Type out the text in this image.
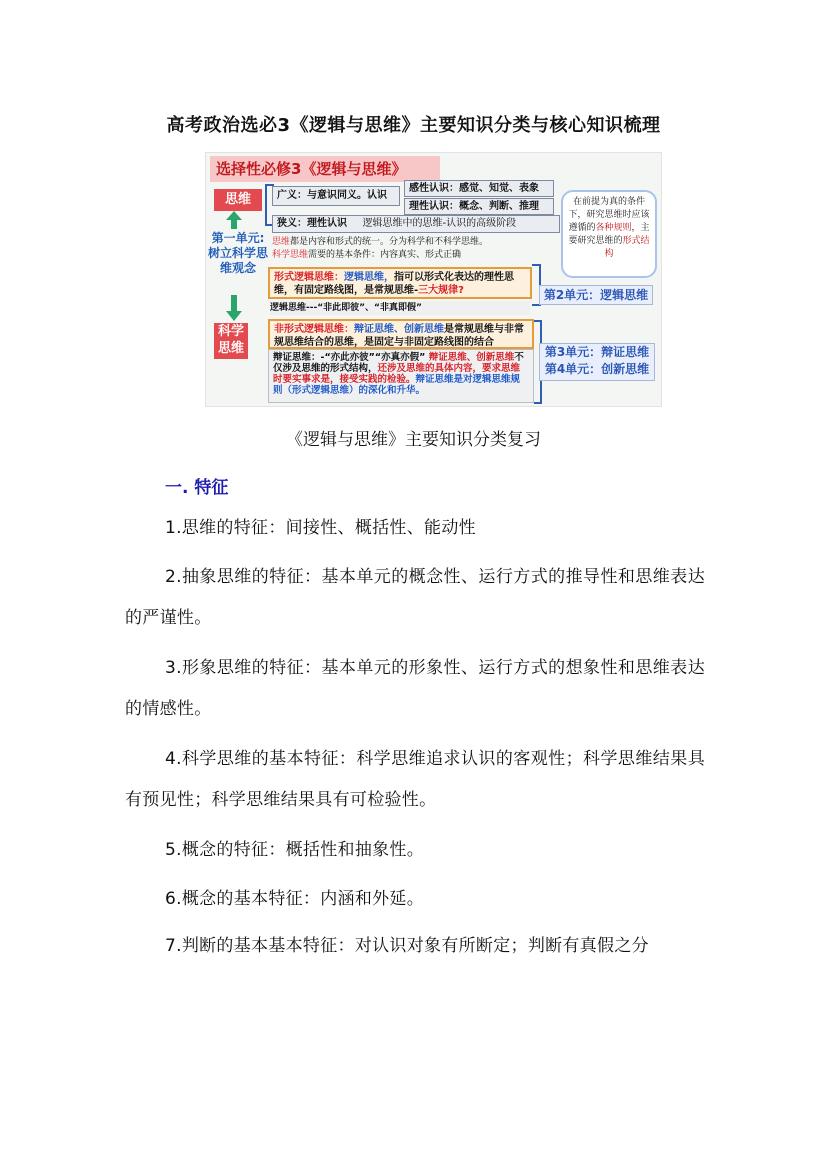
高考政治选必3《逻辑与思维》主要知识分类与核心知识梳理
选择性必修3《逻辑与思维》
思维
第一单元:树立科学思维观念
科学思维
广义：与意识同义。认识
狭义：理性认识 逻辑思维中的思维-认识的高级阶段
感性认识：感觉、知觉、表象
理性认识：概念、判断、推理
思维都是内容和形式的统一。分为科学和不科学思维。
科学思维需要的基本条件：内容真实、形式正确
在前提为真的条件下，研究思维时应该遵循的各种规则，主要研究思维的形式结构
形式逻辑思维：逻辑思维，指可以形式化表达的理性思维，有固定路线图，是常规思维-三大规律?
逻辑思维---“非此即彼”、“非真即假”
第2单元：逻辑思维
非形式逻辑思维：辩证思维、创新思维是常规思维与非常规思维结合的思维，是固定与非固定路线图的结合
辩证思维：-“亦此亦彼”“亦真亦假” 辩证思维、创新思维不仅涉及思维的形式结构，还涉及思维的具体内容，要求思维时要实事求是，接受实践的检验。辩证思维是对逻辑思维规则（形式逻辑思维）的深化和升华。
第3单元：辩证思维
第4单元：创新思维
《逻辑与思维》主要知识分类复习
一. 特征
1.思维的特征：间接性、概括性、能动性
2.抽象思维的特征：基本单元的概念性、运行方式的推导性和思维表达的严谨性。
3.形象思维的特征：基本单元的形象性、运行方式的想象性和思维表达的情感性。
4.科学思维的基本特征：科学思维追求认识的客观性；科学思维结果具有预见性；科学思维结果具有可检验性。
5.概念的特征：概括性和抽象性。
6.概念的基本特征：内涵和外延。
7.判断的基本基本特征：对认识对象有所断定；判断有真假之分
